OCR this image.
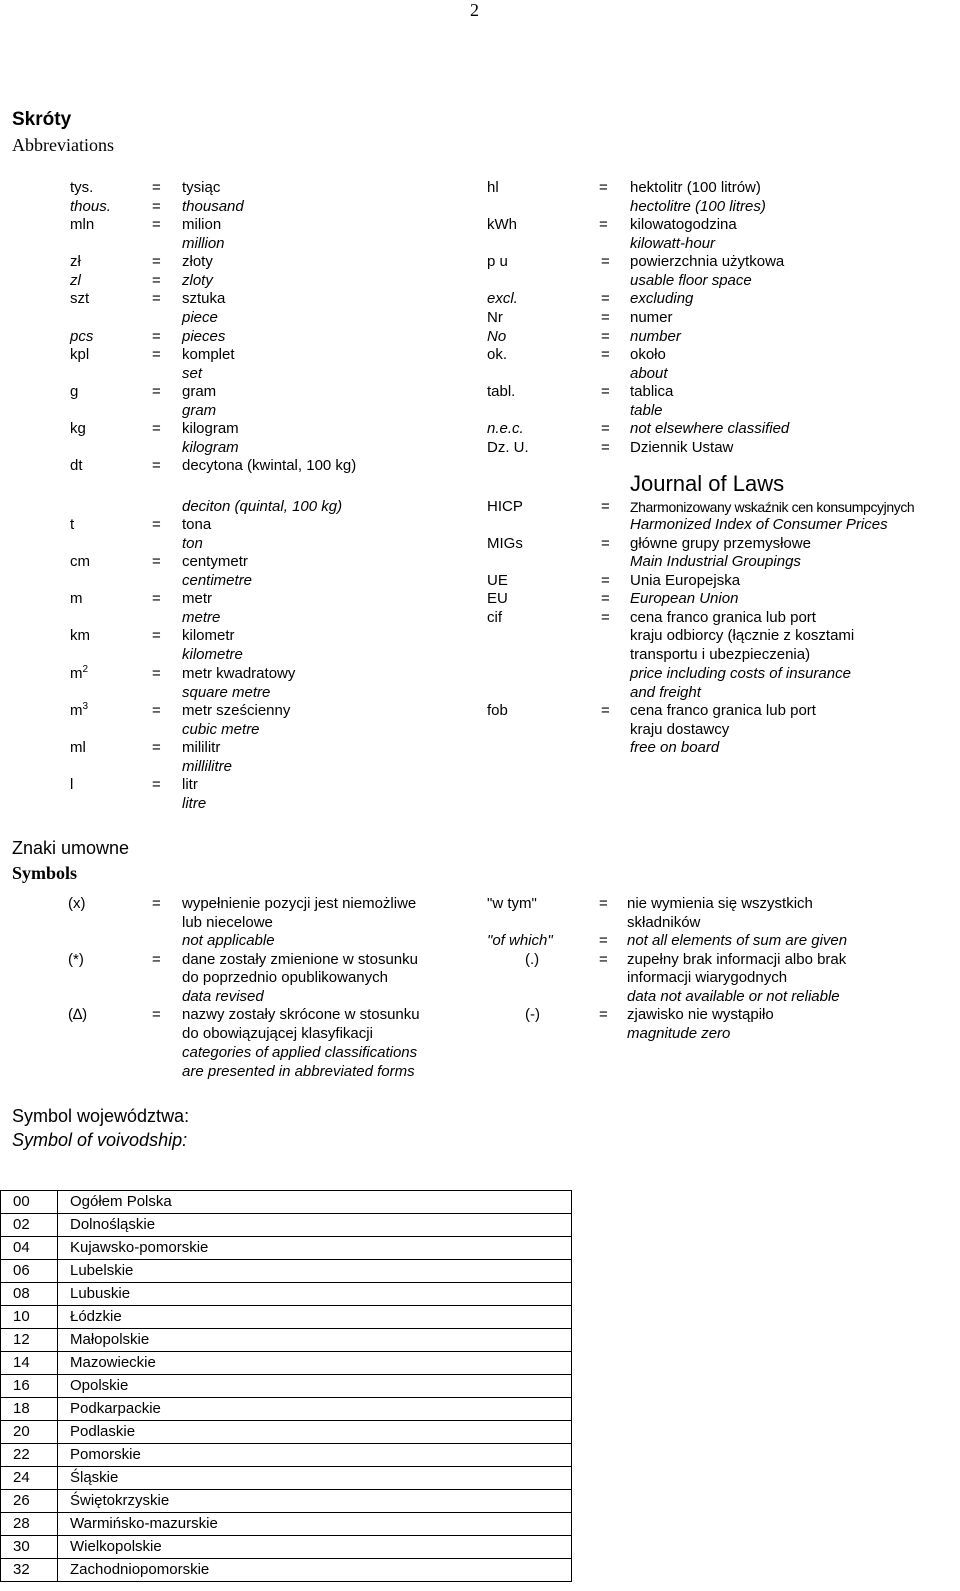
2
Skróty
Abbreviations
tys.	= tysiąc
thous.	= thousand
mln	= milion
million
zł	= złoty
zl	= zloty
szt	= sztuka
piece
pcs	= pieces
kpl	= komplet
set
g	= gram
gram
kg	= kilogram
kilogram
dt	= decytona (kwintal, 100 kg)
deciton (quintal, 100 kg)
t	= tona
ton
cm	= centymetr
centimetre
m	= metr
metre
km	= kilometr
kilometre
$m^2$	= metr kwadratowy
square metre
$m^3$	= metr sześcienny
cubic metre
ml	= mililitr
millilitre
l	= litr
litre
hl	= hektolitr (100 litrów)
hectolitre (100 litres)
kWh	= kilowatogodzina
kilowatt-hour
p u	= powierzchnia użytkowa
usable floor space
excl.	= excluding
Nr	= numer
No	= number
ok.	= około
about
tabl.	= tablica
table
n.e.c.	= not elsewhere classified
Dz. U.	= Dziennik Ustaw
Journal of Laws
HICP	= Zharmonizowany wskaźnik cen konsumpcyjnych
Harmonized Index of Consumer Prices
MIGs	= główne grupy przemysłowe
Main Industrial Groupings
UE	= Unia Europejska
EU	= European Union
cif	= cena franco granica lub port
kraju odbiorcy (łącznie z kosztami
transportu i ubezpieczenia)
price including costs of insurance
and freight
fob	= cena franco granica lub port
kraju dostawcy
free on board
Znaki umowne
Symbols
(x)	= wypełnienie pozycji jest niemożliwe
lub niecelowe
not applicable
(*)	= dane zostały zmienione w stosunku
do poprzednio opublikowanych
data revised
(∆)	= nazwy zostały skrócone w stosunku
do obowiązującej klasyfikacji
categories of applied classifications
are presented in abbreviated forms
"w tym"	= nie wymienia się wszystkich
składników
"of which"	= not all elements of sum are given
(.)	= zupełny brak informacji albo brak
informacji wiarygodnych
data not available or not reliable
(-)	= zjawisko nie wystąpiło
magnitude zero
Symbol województwa:
Symbol of voivodship:
00	Ogółem Polska
02	Dolnośląskie
04	Kujawsko-pomorskie
06	Lubelskie
08	Lubuskie
10	Łódzkie
12	Małopolskie
14	Mazowieckie
16	Opolskie
18	Podkarpackie
20	Podlaskie
22	Pomorskie
24	Śląskie
26	Świętokrzyskie
28	Warmińsko-mazurskie
30	Wielkopolskie
32	Zachodniopomorskie
